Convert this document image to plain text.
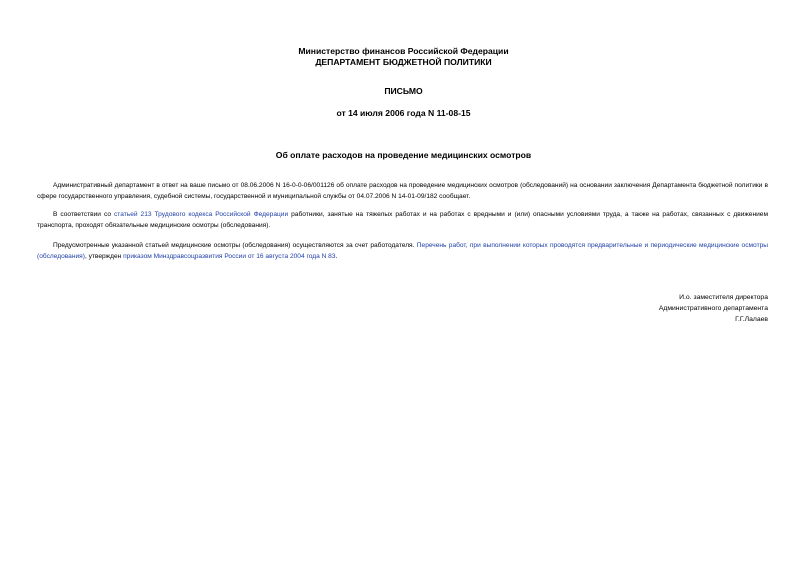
Министерство финансов Российской Федерации
ДЕПАРТАМЕНТ БЮДЖЕТНОЙ ПОЛИТИКИ
ПИСЬМО
от 14 июля 2006 года N 11-08-15
Об оплате расходов на проведение медицинских осмотров

Административный департамент в ответ на ваше письмо от 08.06.2006 N 16-0-0-06/001126 об оплате расходов на проведение медицинских осмотров (обследований) на основании заключения Департамента бюджетной политики в сфере государственного управления, судебной системы, государственной и муниципальной службы от 04.07.2006 N 14-01-09/182 сообщает.

В соответствии со статьей 213 Трудового кодекса Российской Федерации работники, занятые на тяжелых работах и на работах с вредными и (или) опасными условиями труда, а также на работах, связанных с движением транспорта, проходят обязательные медицинские осмотры (обследования).

Предусмотренные указанной статьей медицинские осмотры (обследования) осуществляются за счет работодателя. Перечень работ, при выполнении которых проводятся предварительные и периодические медицинские осмотры (обследования), утвержден приказом Минздравсоцразвития России от 16 августа 2004 года N 83.

И.о. заместителя директора
Административного департамента
Г.Г.Лалаев
